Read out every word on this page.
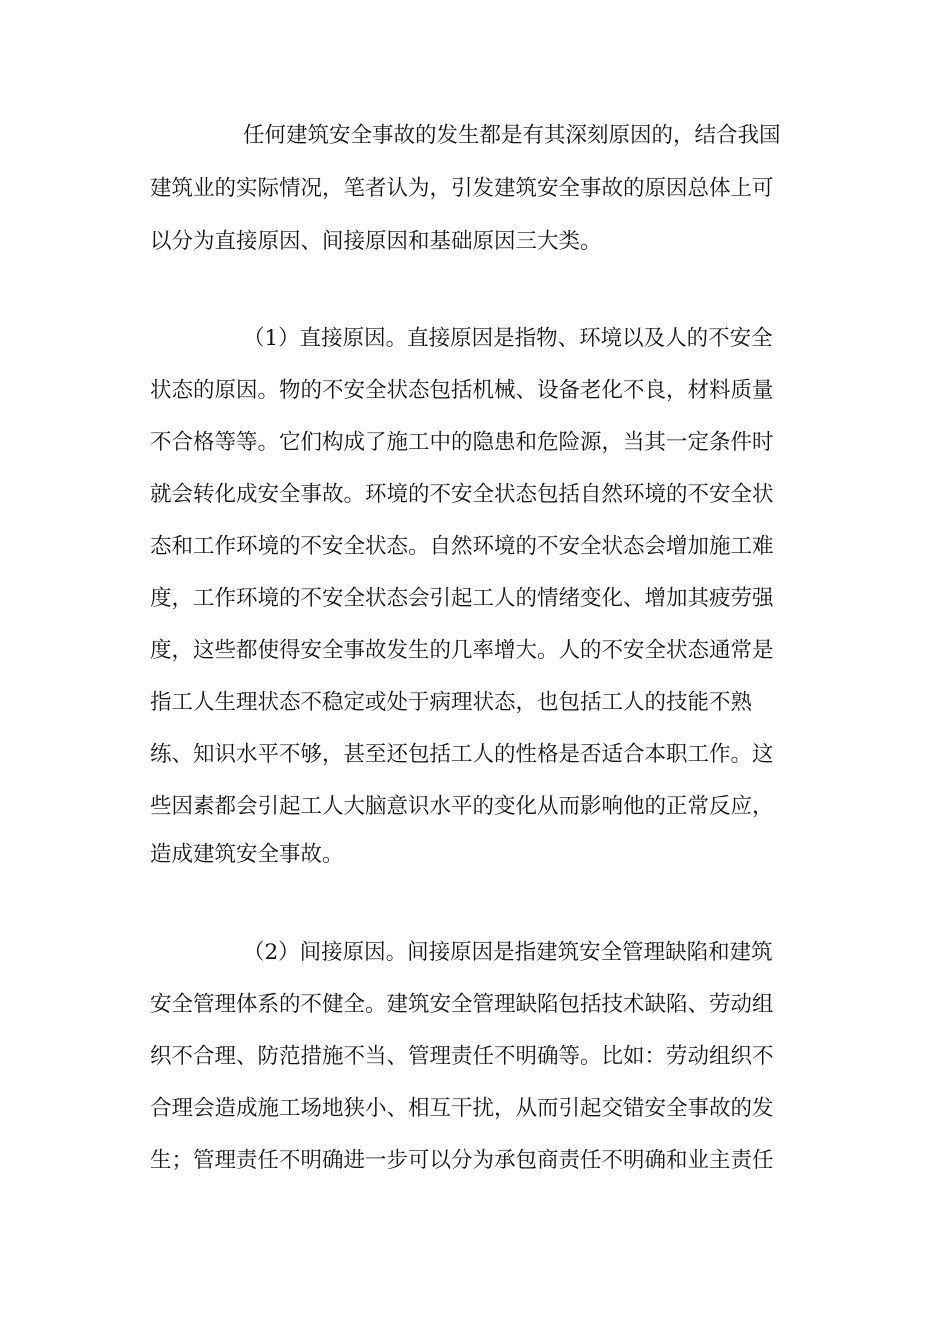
任何建筑安全事故的发生都是有其深刻原因的，结合我国
建筑业的实际情况，笔者认为，引发建筑安全事故的原因总体上可
以分为直接原因、间接原因和基础原因三大类。
（1）直接原因。直接原因是指物、环境以及人的不安全
状态的原因。物的不安全状态包括机械、设备老化不良，材料质量
不合格等等。它们构成了施工中的隐患和危险源，当其一定条件时
就会转化成安全事故。环境的不安全状态包括自然环境的不安全状
态和工作环境的不安全状态。自然环境的不安全状态会增加施工难
度，工作环境的不安全状态会引起工人的情绪变化、增加其疲劳强
度，这些都使得安全事故发生的几率增大。人的不安全状态通常是
指工人生理状态不稳定或处于病理状态，也包括工人的技能不熟
练、知识水平不够，甚至还包括工人的性格是否适合本职工作。这
些因素都会引起工人大脑意识水平的变化从而影响他的正常反应，
造成建筑安全事故。
（2）间接原因。间接原因是指建筑安全管理缺陷和建筑
安全管理体系的不健全。建筑安全管理缺陷包括技术缺陷、劳动组
织不合理、防范措施不当、管理责任不明确等。比如：劳动组织不
合理会造成施工场地狭小、相互干扰，从而引起交错安全事故的发
生；管理责任不明确进一步可以分为承包商责任不明确和业主责任
